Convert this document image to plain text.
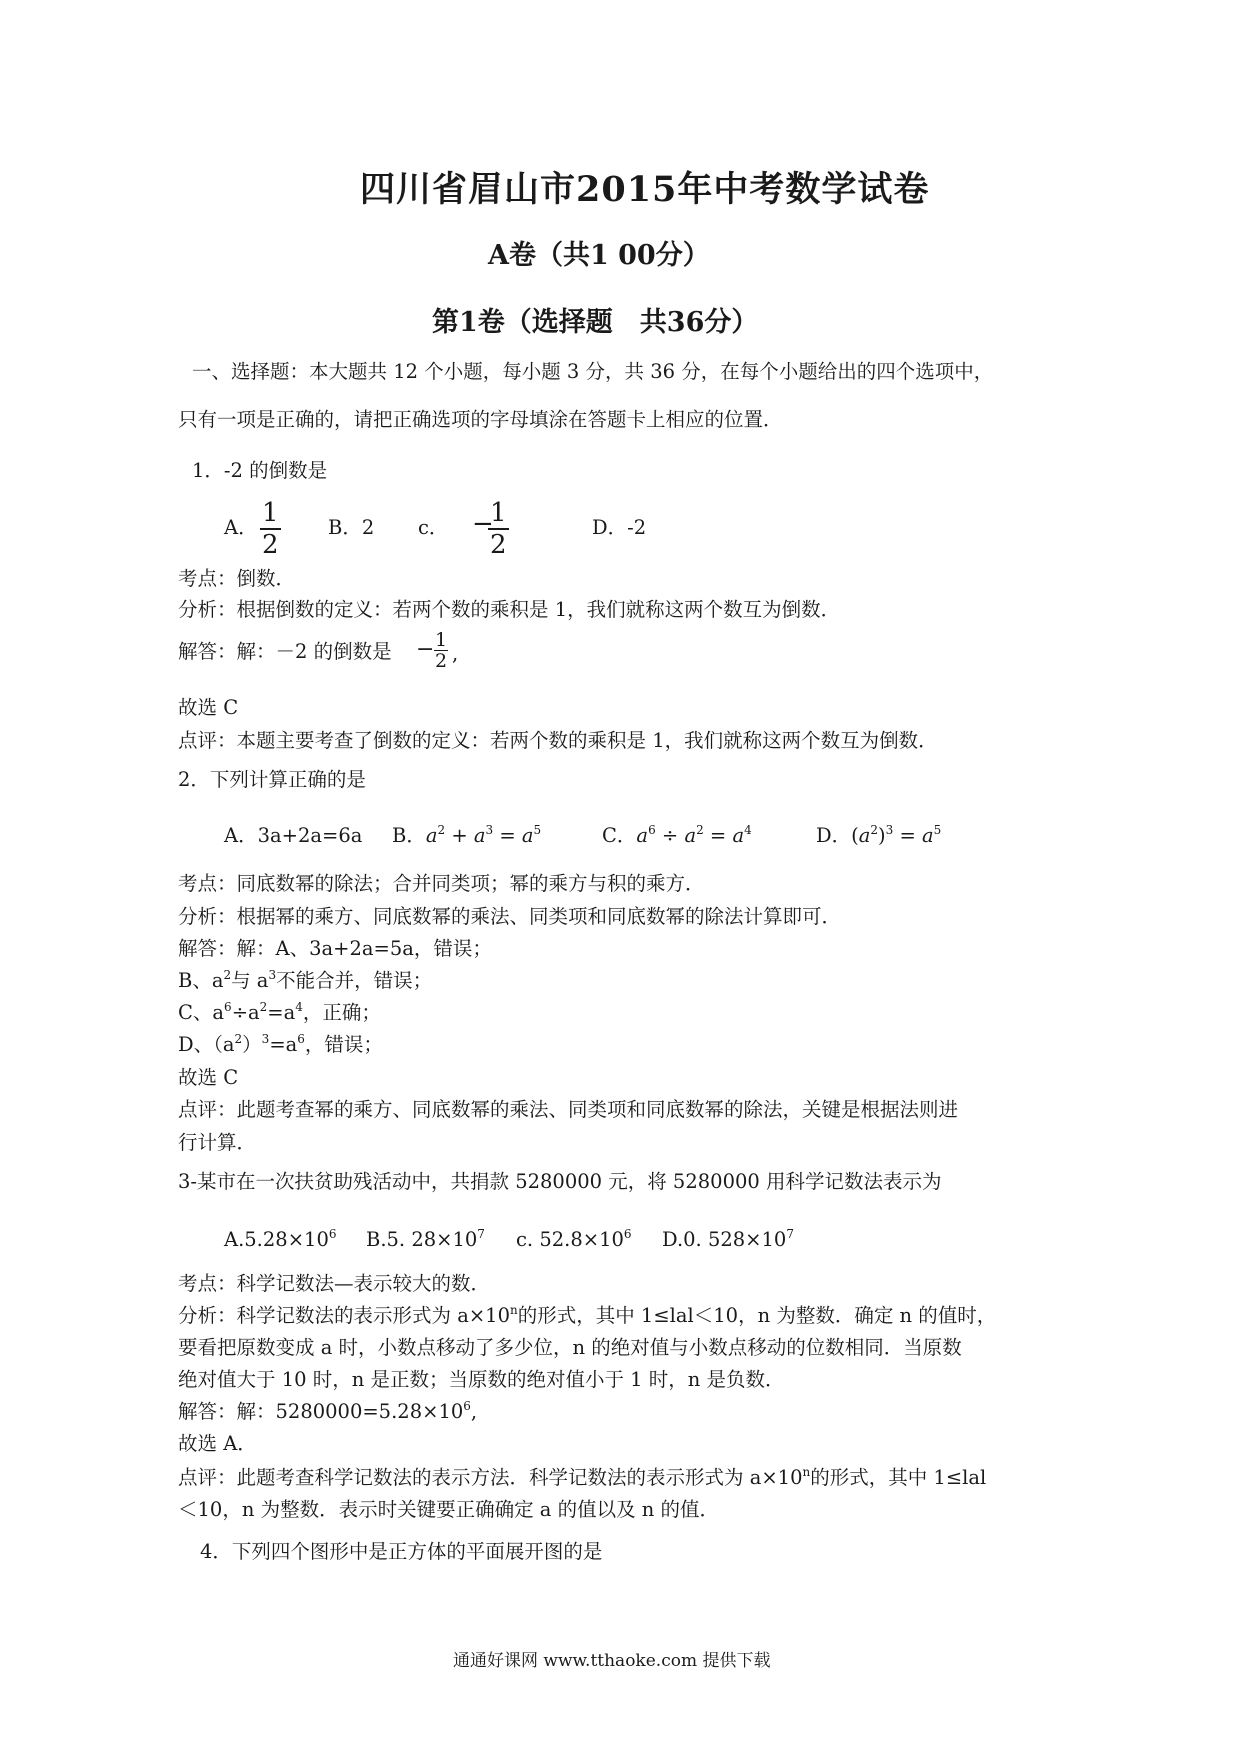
四川省眉山市2015年中考数学试卷
A卷（共1 00分）
第1卷（选择题　共36分）
一、选择题：本大题共 12 个小题，每小题 3 分，共 36 分，在每个小题给出的四个选项中，
只有一项是正确的，请把正确选项的字母填涂在答题卡上相应的位置．
1．-2 的倒数是
A． $\frac{1}{2}$ B．2 c． −
$\frac{1}{2}$	D．-2
考点：倒数．
分析：根据倒数的定义：若两个数的乘积是 1，我们就称这两个数互为倒数．
解答：解：－2 的倒数是 − $\frac{1}{2}$ ,
故选 C
点评：本题主要考查了倒数的定义：若两个数的乘积是 1，我们就称这两个数互为倒数．
2．下列计算正确的是
A．3a+2a=6a B．$a^2 + a^3 = a^5$	C．$a^6 \div a^2 = a^4$	D．$(a^2)^3 = a^5$
考点：同底数幂的除法；合并同类项；幂的乘方与积的乘方．
分析：根据幂的乘方、同底数幂的乘法、同类项和同底数幂的除法计算即可．
解答：解：A、3a+2a=5a，错误；
B、$a^2$与 $a^3$不能合并，错误；
C、$a^6\div a^2=a^4$，正确；
D、$(a^2)^3=a^6$，错误；
故选 C
点评：此题考查幂的乘方、同底数幂的乘法、同类项和同底数幂的除法，关键是根据法则进
行计算．
3-某市在一次扶贫助残活动中，共捐款 5280000 元，将 5280000 用科学记数法表示为
$A.5.28\times 10^6$ B.5. $28\times 10^7$ c. $52.8\times 10^6$ D.0. $528\times 10^7$
考点：科学记数法—表示较大的数．
分析：科学记数法的表示形式为 $a\times 10^n$的形式，其中 1≤lal＜10，n 为整数．确定 n 的值时，
要看把原数变成 a 时，小数点移动了多少位，n 的绝对值与小数点移动的位数相同．当原数
绝对值大于 10 时，n 是正数；当原数的绝对值小于 1 时，n 是负数．
解答：解：$5280000=5.28\times 10^6$,
故选 A．
点评：此题考查科学记数法的表示方法．科学记数法的表示形式为 $a\times 10^n$的形式，其中 1≤lal
＜10，n 为整数．表示时关键要正确确定 a 的值以及 n 的值．
4．下列四个图形中是正方体的平面展开图的是
通通好课网 www.tthaoke.com 提供下载
